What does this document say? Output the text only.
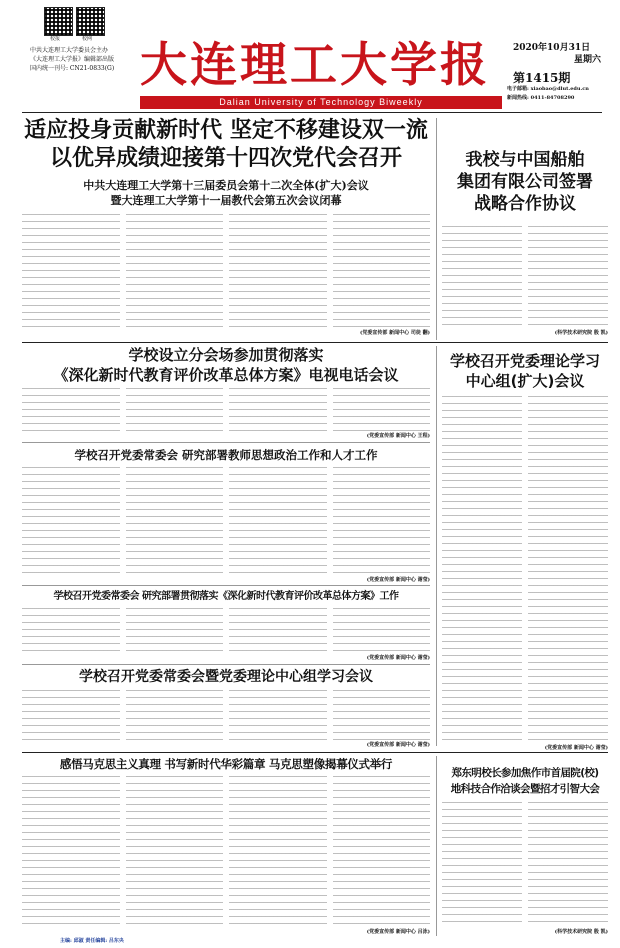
校报	校网
中共大连理工大学委员会主办
《大连理工大学报》编辑部出版
国内统一刊号: CN21-0833(G) 大连理工大学报	2020年10月31日
星期六
第1415期
电子邮箱: xiaobao@dlut.edu.cn
新闻热线: 0411-84708290
Dalian University of Technology Biweekly
适应投身贡献新时代 坚定不移建设双一流
以优异成绩迎接第十四次党代会召开
中共大连理工大学第十三届委员会第十二次全体(扩大)会议
暨大连理工大学第十一届教代会第五次会议闭幕
(党委宣传部 新闻中心 司徒 翻)
我校与中国船舶
集团有限公司签署
战略合作协议
(科学技术研究院 殷 凯)
学校设立分会场参加贯彻落实
《深化新时代教育评价改革总体方案》电视电话会议
(党委宣传部 新闻中心 王程)
学校召开党委理论学习
中心组(扩大)会议
(党委宣传部 新闻中心 谢莹)
学校召开党委常委会 研究部署教师思想政治工作和人才工作
(党委宣传部 新闻中心 谢莹)
学校召开党委常委会 研究部署贯彻落实《深化新时代教育评价改革总体方案》工作
(党委宣传部 新闻中心 谢莹)
学校召开党委常委会暨党委理论中心组学习会议
(党委宣传部 新闻中心 谢莹)
感悟马克思主义真理 书写新时代华彩篇章 马克思塑像揭幕仪式举行
(党委宣传部 新闻中心 吕泳)
郑东明校长参加焦作市首届院(校)
地科技合作洽谈会暨招才引智大会
(科学技术研究院 殷 凯)
主编: 邱淑 责任编辑: 吕东央
